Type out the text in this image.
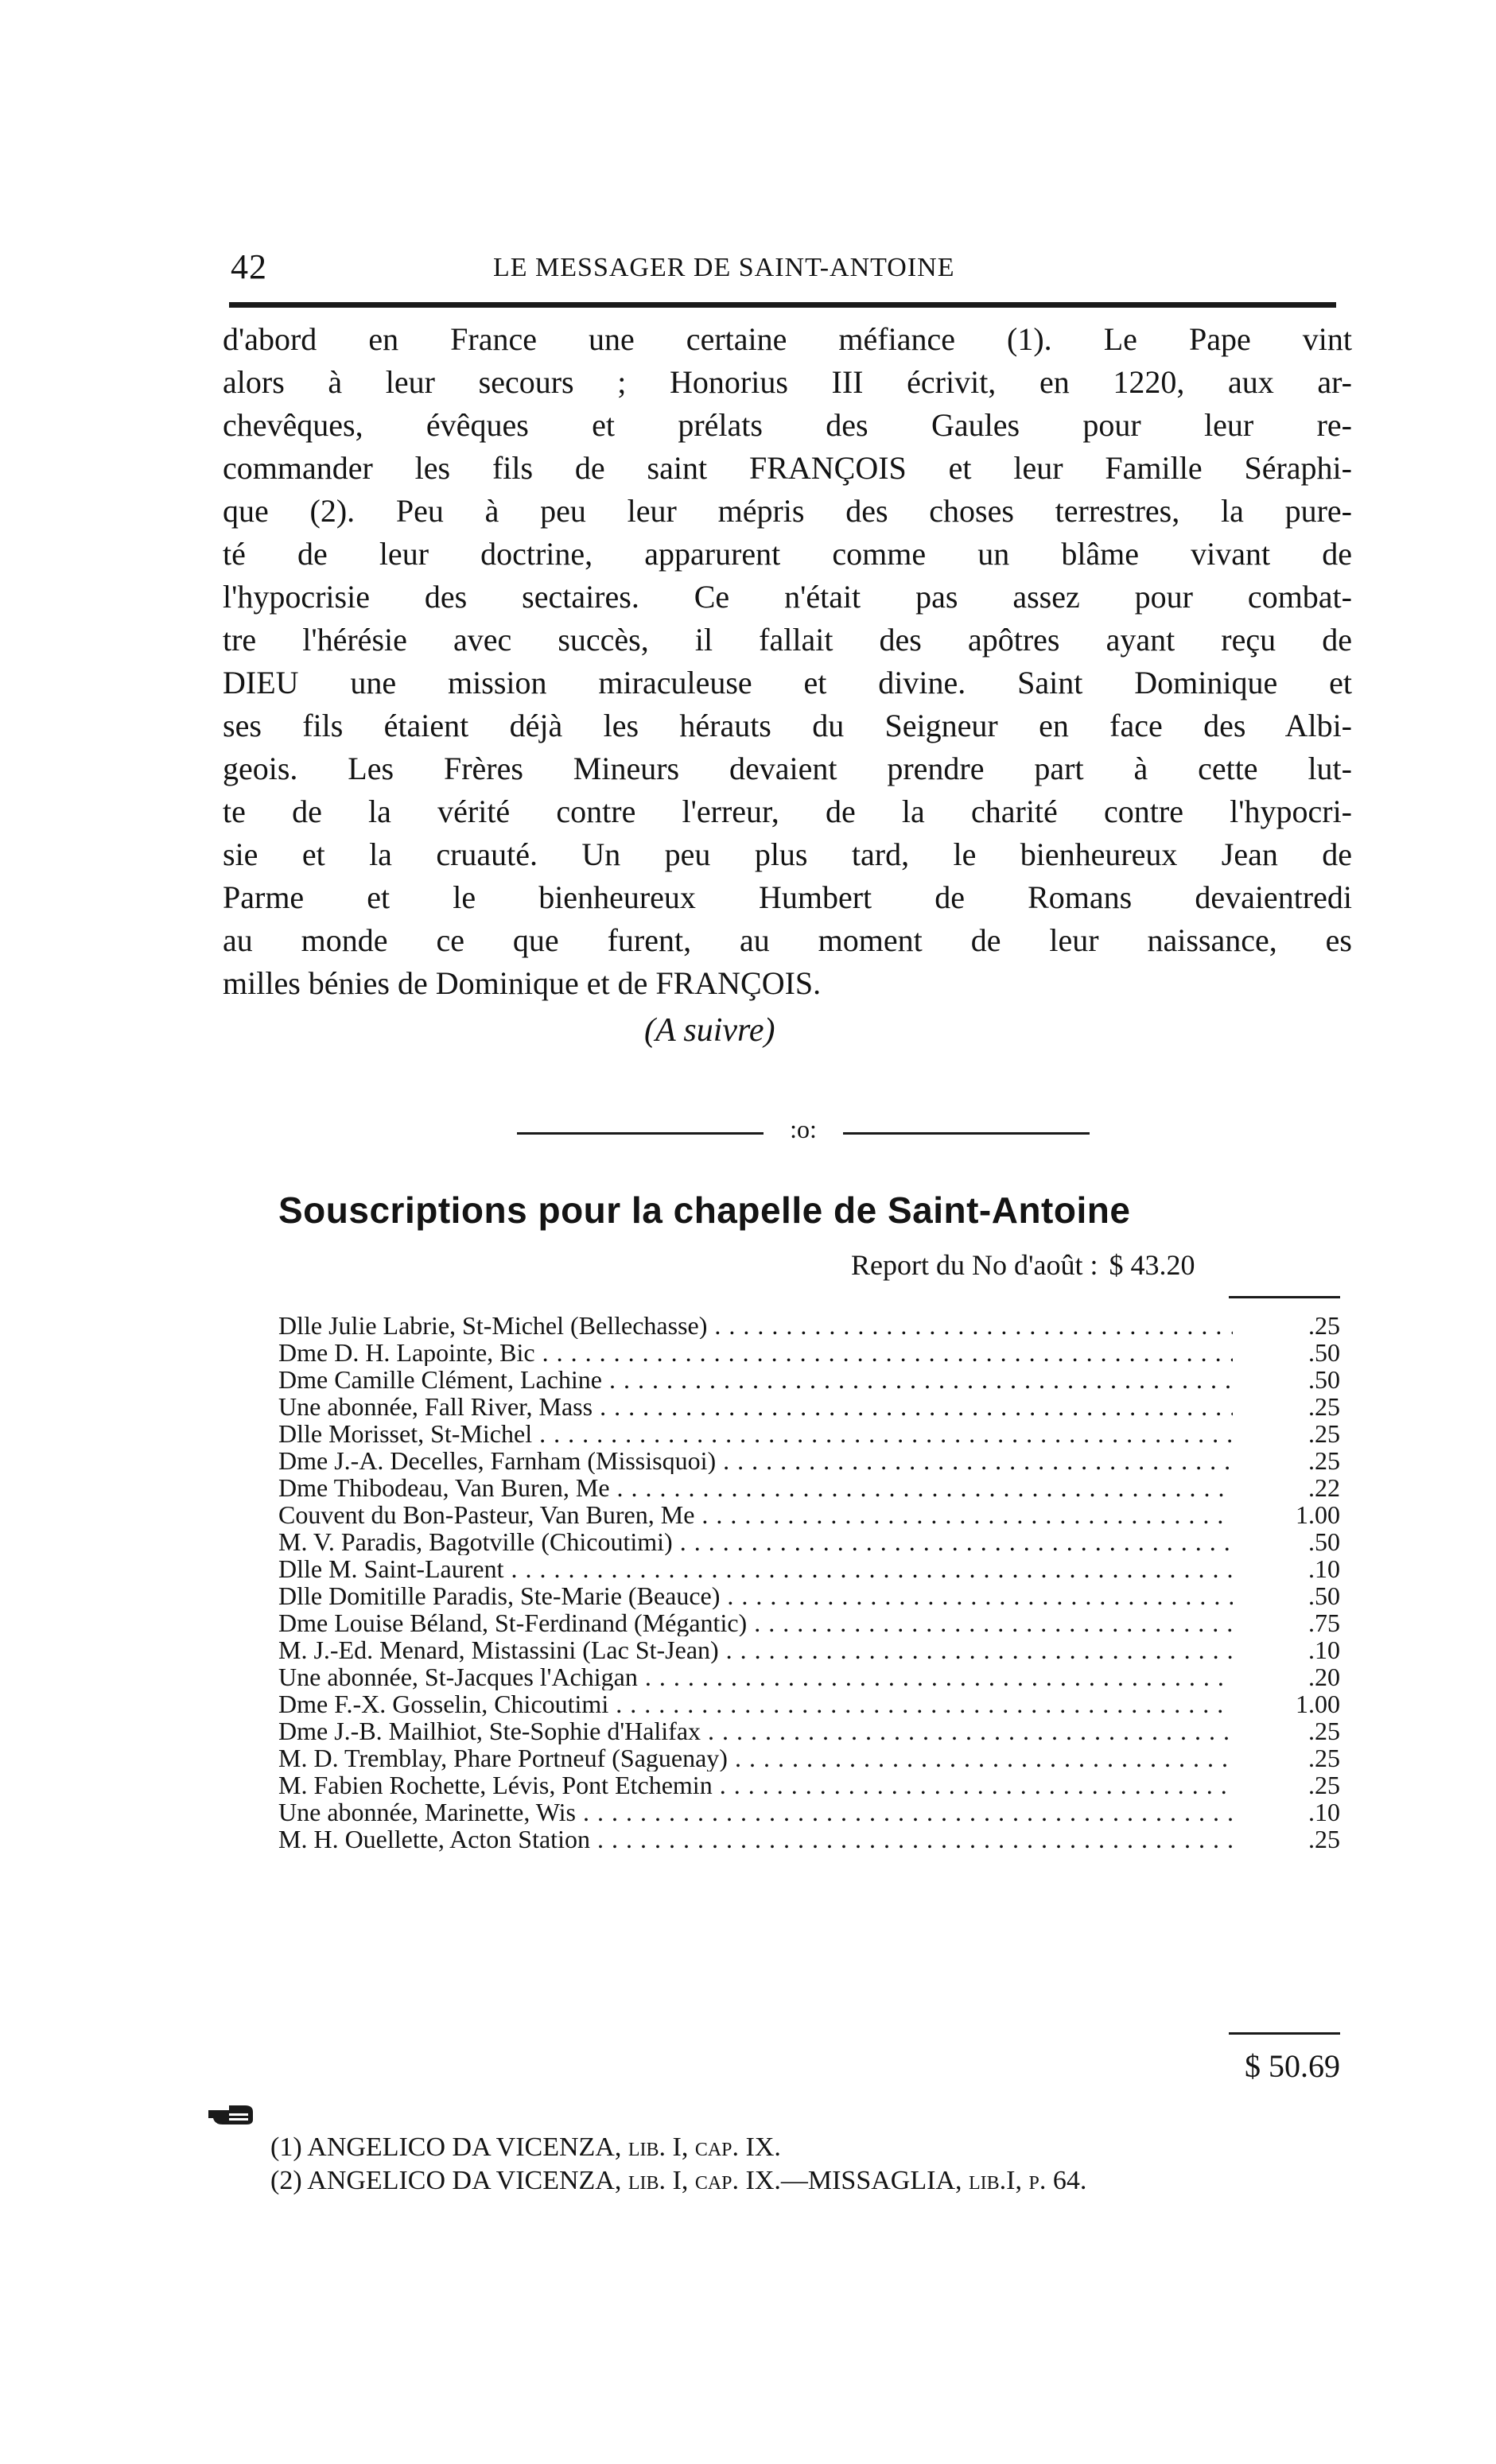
42	LE MESSAGER DE SAINT-ANTOINE
d'abord en France une certaine méfiance (1). Le Pape vint
alors à leur secours ; Honorius III écrivit, en 1220, aux ar-
chevêques, évêques et prélats des Gaules pour leur re-
commander les fils de saint FRANÇOIS et leur Famille Séraphi-
que (2). Peu à peu leur mépris des choses terrestres, la pure-
té de leur doctrine, apparurent comme un blâme vivant de
l'hypocrisie des sectaires. Ce n'était pas assez pour combat-
tre l'hérésie avec succès, il fallait des apôtres ayant reçu de
DIEU une mission miraculeuse et divine. Saint Dominique et
ses fils étaient déjà les hérauts du Seigneur en face des Albi-
geois. Les Frères Mineurs devaient prendre part à cette lut-
te de la vérité contre l'erreur, de la charité contre l'hypocri-
sie et la cruauté. Un peu plus tard, le bienheureux Jean de
Parme et le bienheureux Humbert de Romans devaientredi
au monde ce que furent, au moment de leur naissance, es
milles bénies de Dominique et de FRANÇOIS.
(A suivre)
:o:
Souscriptions pour la chapelle de Saint-Antoine
Report du No d'août : $ 43.20
Dlle Julie Labrie, St-Michel (Bellechasse) . . .	.25
Dme D. H. Lapointe, Bic . . .	.50
Dme Camille Clément, Lachine . . .	.50
Une abonnée, Fall River, Mass . . .	.25
Dlle Morisset, St-Michel . . .	.25
Dme J.-A. Decelles, Farnham (Missisquoi) . . .	.25
Dme Thibodeau, Van Buren, Me . . .	.22
Couvent du Bon-Pasteur, Van Buren, Me . . .	1.00
M. V. Paradis, Bagotville (Chicoutimi) . . .	.50
Dlle M. Saint-Laurent . . .	.10
Dlle Domitille Paradis, Ste-Marie (Beauce) . . .	.50
Dme Louise Béland, St-Ferdinand (Mégantic) . . .	.75
M. J.-Ed. Menard, Mistassini (Lac St-Jean) . . .	.10
Une abonnée, St-Jacques l'Achigan . . .	.20
Dme F.-X. Gosselin, Chicoutimi . . .	1.00
Dme J.-B. Mailhiot, Ste-Sophie d'Halifax . . .	.25
M. D. Tremblay, Phare Portneuf (Saguenay) . . .	.25
M. Fabien Rochette, Lévis, Pont Etchemin . . .	.25
Une abonnée, Marinette, Wis . . .	.10
M. H. Ouellette, Acton Station . . .	.25
$ 50.69
(1) ANGELICO DA VICENZA, lib. I, cap. IX.
(2) ANGELICO DA VICENZA, lib. I, cap. IX.—MISSAGLIA, lib.I, p. 64.
